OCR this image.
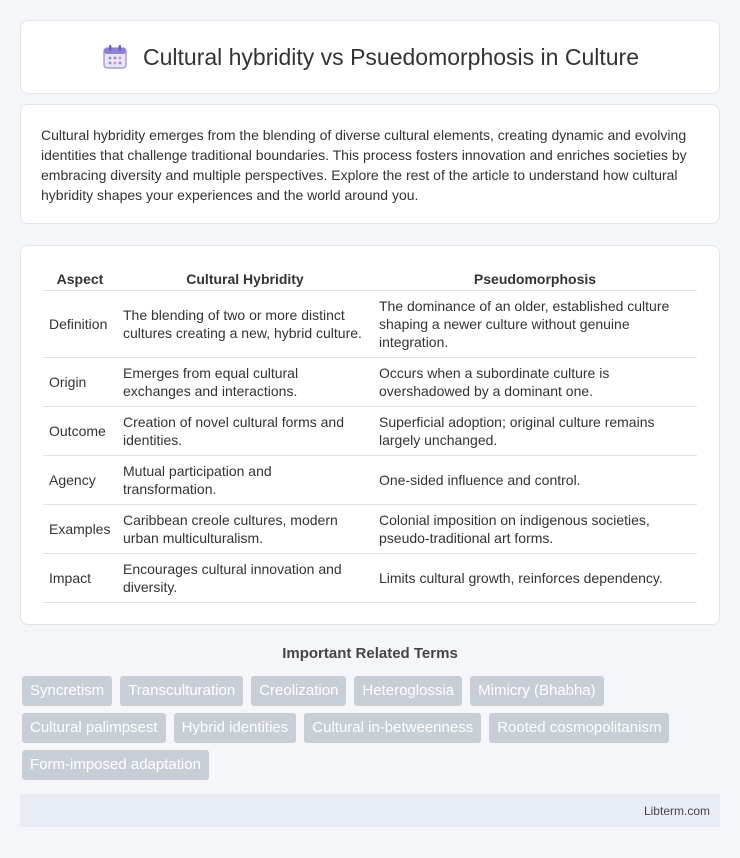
Cultural hybridity vs Psuedomorphosis in Culture

Cultural hybridity emerges from the blending of diverse cultural elements, creating dynamic and evolving identities that challenge traditional boundaries. This process fosters innovation and enriches societies by embracing diversity and multiple perspectives. Explore the rest of the article to understand how cultural hybridity shapes your experiences and the world around you.

Aspect	Cultural Hybridity	Pseudomorphosis
Definition	The blending of two or more distinct cultures creating a new, hybrid culture.	The dominance of an older, established culture shaping a newer culture without genuine integration.
Origin	Emerges from equal cultural exchanges and interactions.	Occurs when a subordinate culture is overshadowed by a dominant one.
Outcome	Creation of novel cultural forms and identities.	Superficial adoption; original culture remains largely unchanged.
Agency	Mutual participation and transformation.	One-sided influence and control.
Examples	Caribbean creole cultures, modern urban multiculturalism.	Colonial imposition on indigenous societies, pseudo-traditional art forms.
Impact	Encourages cultural innovation and diversity.	Limits cultural growth, reinforces dependency.
Important Related Terms
Syncretism	Transculturation	Creolization	Heteroglossia	Mimicry (Bhabha)
Cultural palimpsest	Hybrid identities	Cultural in-betweenness	Rooted cosmopolitanism
Form-imposed adaptation
Libterm.com
